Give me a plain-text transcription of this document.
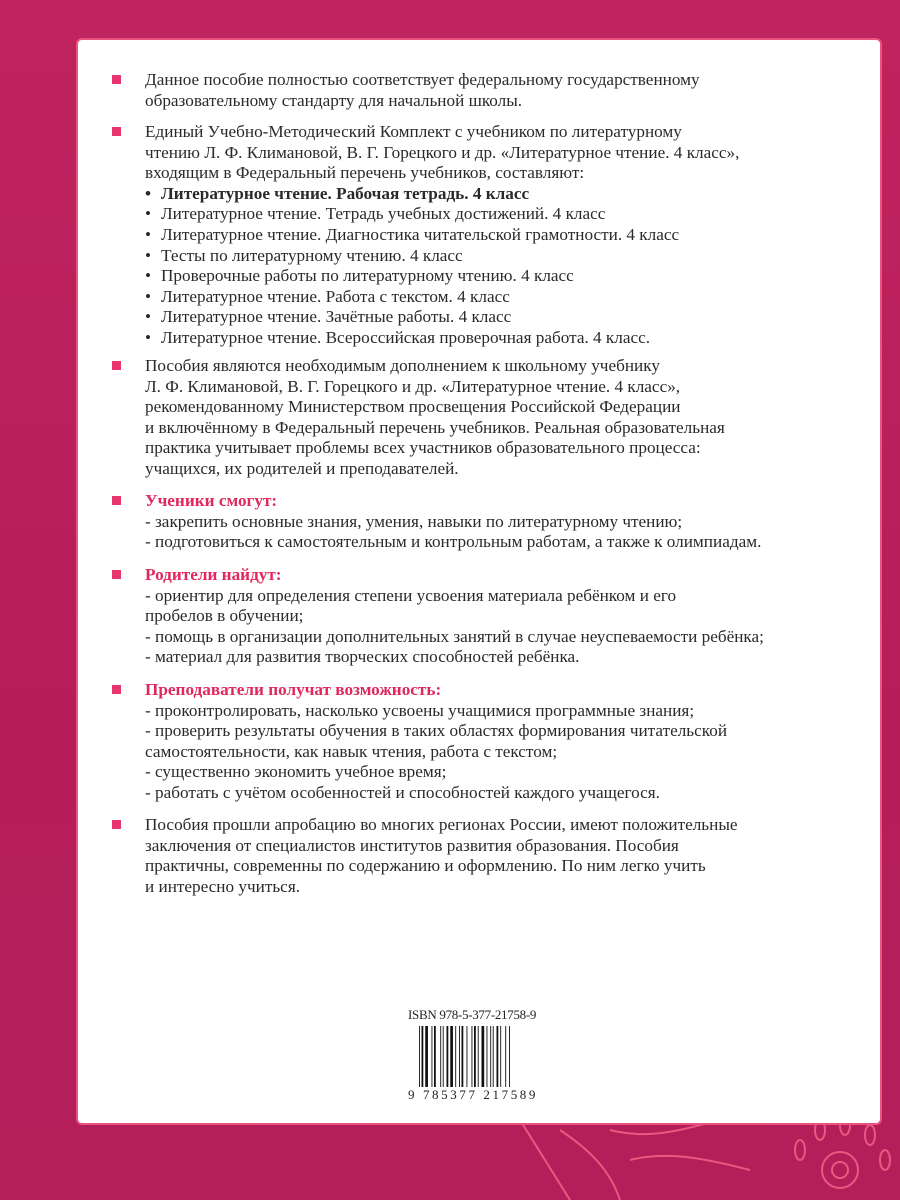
Данное пособие полностью соответствует федеральному государственному
образовательному стандарту для начальной школы.
Единый Учебно-Методический Комплект с учебником по литературному
чтению Л. Ф. Климановой, В. Г. Горецкого и др. «Литературное чтение. 4 класс»,
входящим в Федеральный перечень учебников, составляют:
• Литературное чтение. Рабочая тетрадь. 4 класс
• Литературное чтение. Тетрадь учебных достижений. 4 класс
• Литературное чтение. Диагностика читательской грамотности. 4 класс
• Тесты по литературному чтению. 4 класс
• Проверочные работы по литературному чтению. 4 класс
• Литературное чтение. Работа с текстом. 4 класс
• Литературное чтение. Зачётные работы. 4 класс
• Литературное чтение. Всероссийская проверочная работа. 4 класс.
Пособия являются необходимым дополнением к школьному учебнику
Л. Ф. Климановой, В. Г. Горецкого и др. «Литературное чтение. 4 класс»,
рекомендованному Министерством просвещения Российской Федерации
и включённому в Федеральный перечень учебников. Реальная образовательная
практика учитывает проблемы всех участников образовательного процесса:
учащихся, их родителей и преподавателей.
Ученики смогут:
- закрепить основные знания, умения, навыки по литературному чтению;
- подготовиться к самостоятельным и контрольным работам, а также к олимпиадам.
Родители найдут:
- ориентир для определения степени усвоения материала ребёнком и его
пробелов в обучении;
- помощь в организации дополнительных занятий в случае неуспеваемости ребёнка;
- материал для развития творческих способностей ребёнка.
Преподаватели получат возможность:
- проконтролировать, насколько усвоены учащимися программные знания;
- проверить результаты обучения в таких областях формирования читательской
самостоятельности, как навык чтения, работа с текстом;
- существенно экономить учебное время;
- работать с учётом особенностей и способностей каждого учащегося.
Пособия прошли апробацию во многих регионах России, имеют положительные
заключения от специалистов институтов развития образования. Пособия
практичны, современны по содержанию и оформлению. По ним легко учить
и интересно учиться.
ISBN 978-5-377-21758-9
9 785377 217589
